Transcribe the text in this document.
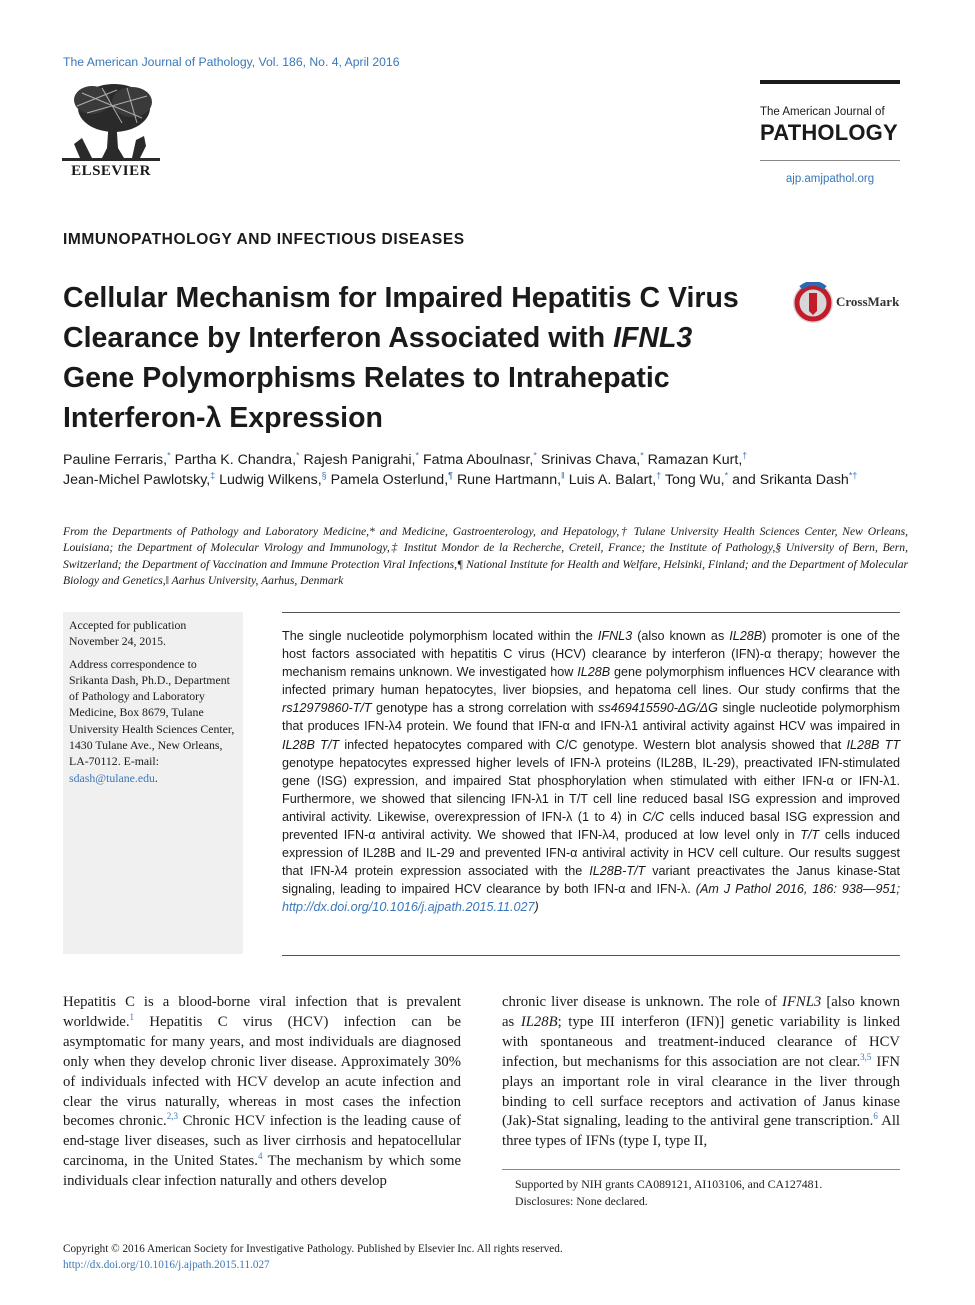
The American Journal of Pathology, Vol. 186, No. 4, April 2016
ELSEVIER
The American Journal of
PATHOLOGY
ajp.amjpathol.org
IMMUNOPATHOLOGY AND INFECTIOUS DISEASES
Cellular Mechanism for Impaired Hepatitis C Virus
Clearance by Interferon Associated with IFNL3
Gene Polymorphisms Relates to Intrahepatic
Interferon-λ Expression
CrossMark
Pauline Ferraris,* Partha K. Chandra,* Rajesh Panigrahi,* Fatma Aboulnasr,* Srinivas Chava,* Ramazan Kurt,†
Jean-Michel Pawlotsky,‡ Ludwig Wilkens,§ Pamela Osterlund,¶ Rune Hartmann,‖ Luis A. Balart,† Tong Wu,* and Srikanta Dash*†
From the Departments of Pathology and Laboratory Medicine,* and Medicine, Gastroenterology, and Hepatology,† Tulane University Health Sciences Center, New Orleans, Louisiana; the Department of Molecular Virology and Immunology,‡ Institut Mondor de la Recherche, Creteil, France; the Institute of Pathology,§ University of Bern, Bern, Switzerland; the Department of Vaccination and Immune Protection Viral Infections,¶ National Institute for Health and Welfare, Helsinki, Finland; and the Department of Molecular Biology and Genetics,‖ Aarhus University, Aarhus, Denmark
Accepted for publication November 24, 2015.
Address correspondence to Srikanta Dash, Ph.D., Department of Pathology and Laboratory Medicine, Box 8679, Tulane University Health Sciences Center, 1430 Tulane Ave., New Orleans, LA-70112. E-mail: sdash@tulane.edu.
The single nucleotide polymorphism located within the IFNL3 (also known as IL28B) promoter is one of the host factors associated with hepatitis C virus (HCV) clearance by interferon (IFN)-α therapy; however the mechanism remains unknown. We investigated how IL28B gene polymorphism influences HCV clearance with infected primary human hepatocytes, liver biopsies, and hepatoma cell lines. Our study confirms that the rs12979860-T/T genotype has a strong correlation with ss469415590-ΔG/ΔG single nucleotide polymorphism that produces IFN-λ4 protein. We found that IFN-α and IFN-λ1 antiviral activity against HCV was impaired in IL28B T/T infected hepatocytes compared with C/C genotype. Western blot analysis showed that IL28B TT genotype hepatocytes expressed higher levels of IFN-λ proteins (IL28B, IL-29), preactivated IFN-stimulated gene (ISG) expression, and impaired Stat phosphorylation when stimulated with either IFN-α or IFN-λ1. Furthermore, we showed that silencing IFN-λ1 in T/T cell line reduced basal ISG expression and improved antiviral activity. Likewise, overexpression of IFN-λ (1 to 4) in C/C cells induced basal ISG expression and prevented IFN-α antiviral activity. We showed that IFN-λ4, produced at low level only in T/T cells induced expression of IL28B and IL-29 and prevented IFN-α antiviral activity in HCV cell culture. Our results suggest that IFN-λ4 protein expression associated with the IL28B-T/T variant preactivates the Janus kinase-Stat signaling, leading to impaired HCV clearance by both IFN-α and IFN-λ. (Am J Pathol 2016, 186: 938—951; http://dx.doi.org/10.1016/j.ajpath.2015.11.027)
Hepatitis C is a blood-borne viral infection that is prevalent worldwide.$^1$ Hepatitis C virus (HCV) infection can be asymptomatic for many years, and most individuals are diagnosed only when they develop chronic liver disease. Approximately 30% of individuals infected with HCV develop an acute infection and clear the virus naturally, whereas in most cases the infection becomes chronic.$^{2,3}$ Chronic HCV infection is the leading cause of end-stage liver diseases, such as liver cirrhosis and hepatocellular carcinoma, in the United States.$^4$ The mechanism by which some individuals clear infection naturally and others develop
chronic liver disease is unknown. The role of IFNL3 [also known as IL28B; type III interferon (IFN)] genetic variability is linked with spontaneous and treatment-induced clearance of HCV infection, but mechanisms for this association are not clear.$^{3,5}$ IFN plays an important role in viral clearance in the liver through binding to cell surface receptors and activation of Janus kinase (Jak)-Stat signaling, leading to the antiviral gene transcription.$^6$ All three types of IFNs (type I, type II,
Supported by NIH grants CA089121, AI103106, and CA127481.
Disclosures: None declared.
Copyright © 2016 American Society for Investigative Pathology. Published by Elsevier Inc. All rights reserved.
http://dx.doi.org/10.1016/j.ajpath.2015.11.027
